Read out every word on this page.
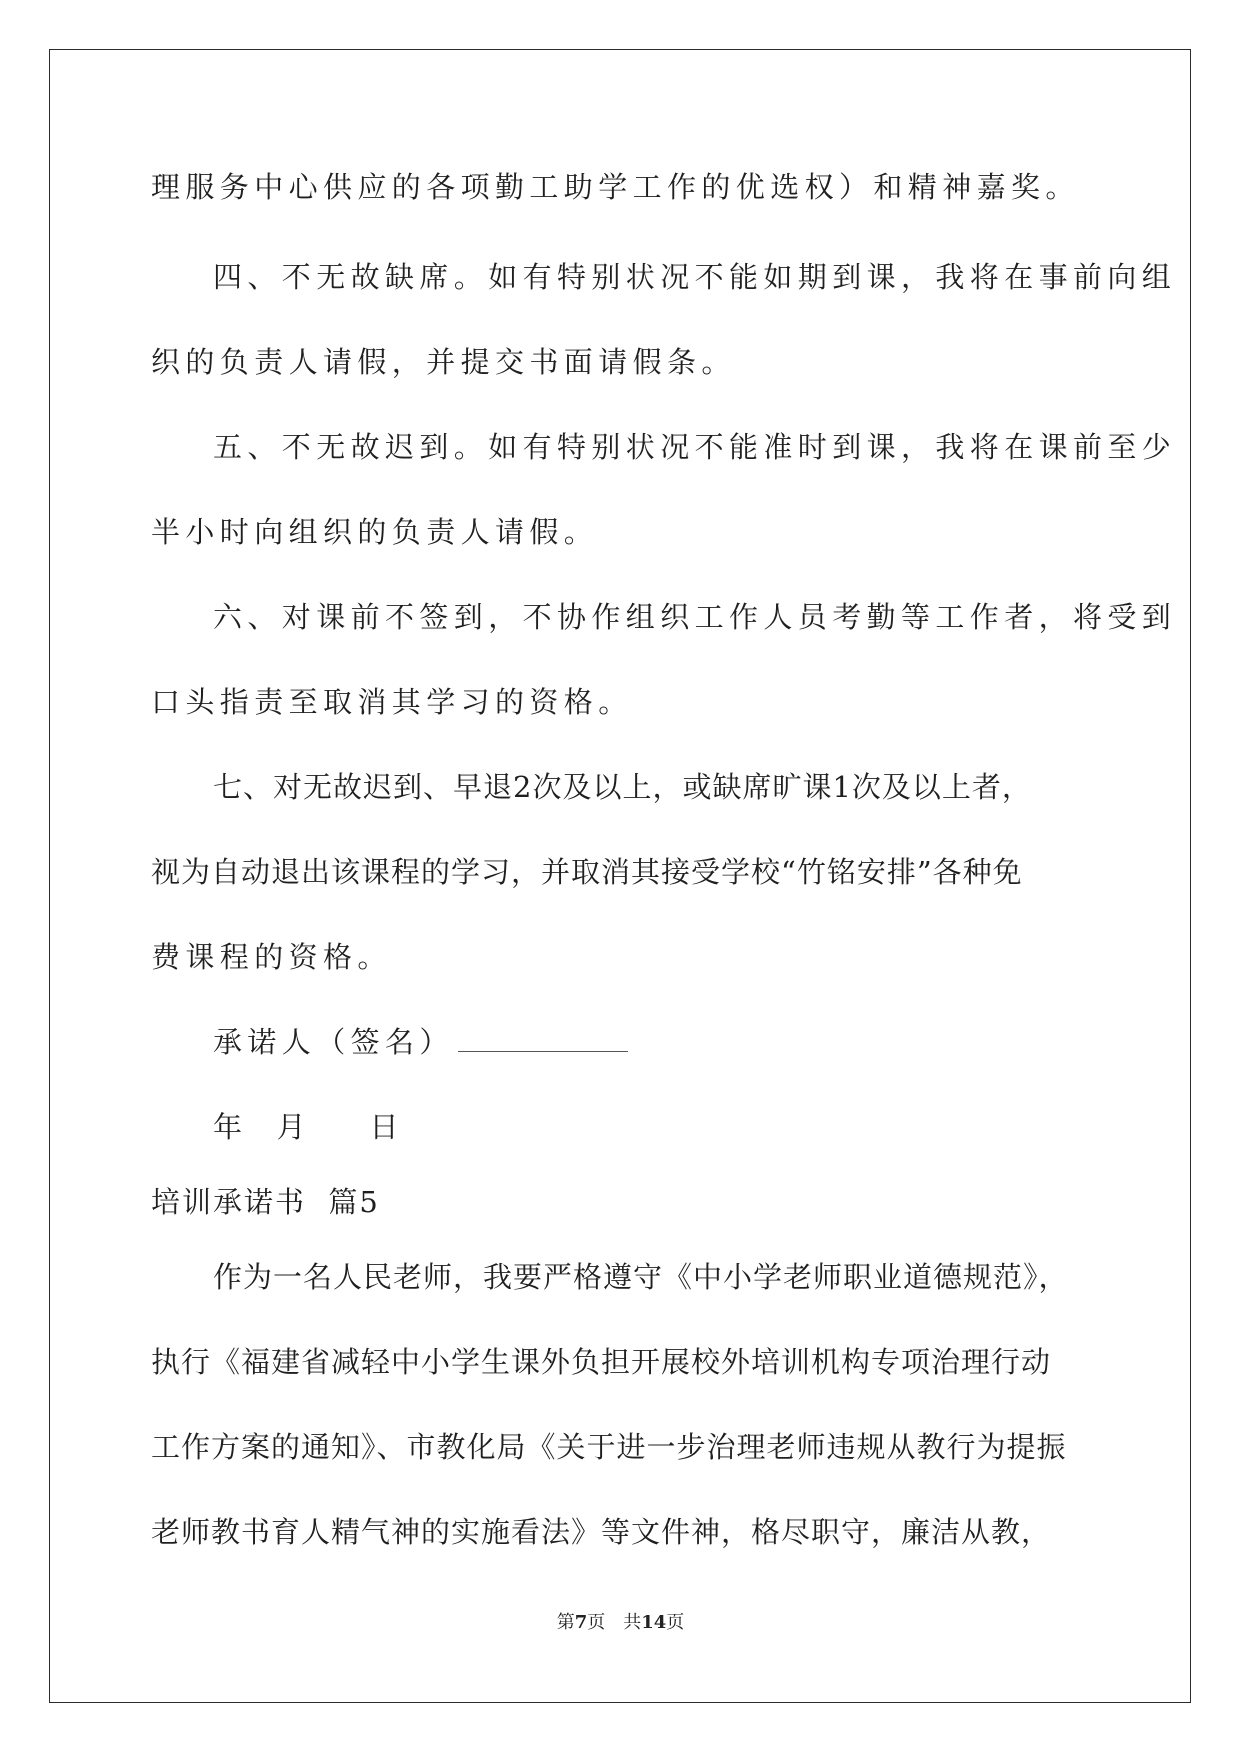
理服务中心供应的各项勤工助学工作的优选权）和精神嘉奖。

四、不无故缺席。如有特别状况不能如期到课，我将在事前向组

织的负责人请假，并提交书面请假条。

五、不无故迟到。如有特别状况不能准时到课，我将在课前至少

半小时向组织的负责人请假。

六、对课前不签到，不协作组织工作人员考勤等工作者，将受到

口头指责至取消其学习的资格。

七、对无故迟到、早退2次及以上，或缺席旷课1次及以上者，

视为自动退出该课程的学习，并取消其接受学校“竹铭安排”各种免

费课程的资格。

承诺人（签名）

年  月    日

培训承诺书  篇5

作为一名人民老师，我要严格遵守《中小学老师职业道德规范》，

执行《福建省减轻中小学生课外负担开展校外培训机构专项治理行动

工作方案的通知》、市教化局《关于进一步治理老师违规从教行为提振

老师教书育人精气神的实施看法》等文件神，格尽职守，廉洁从教，

第7页 共14页
